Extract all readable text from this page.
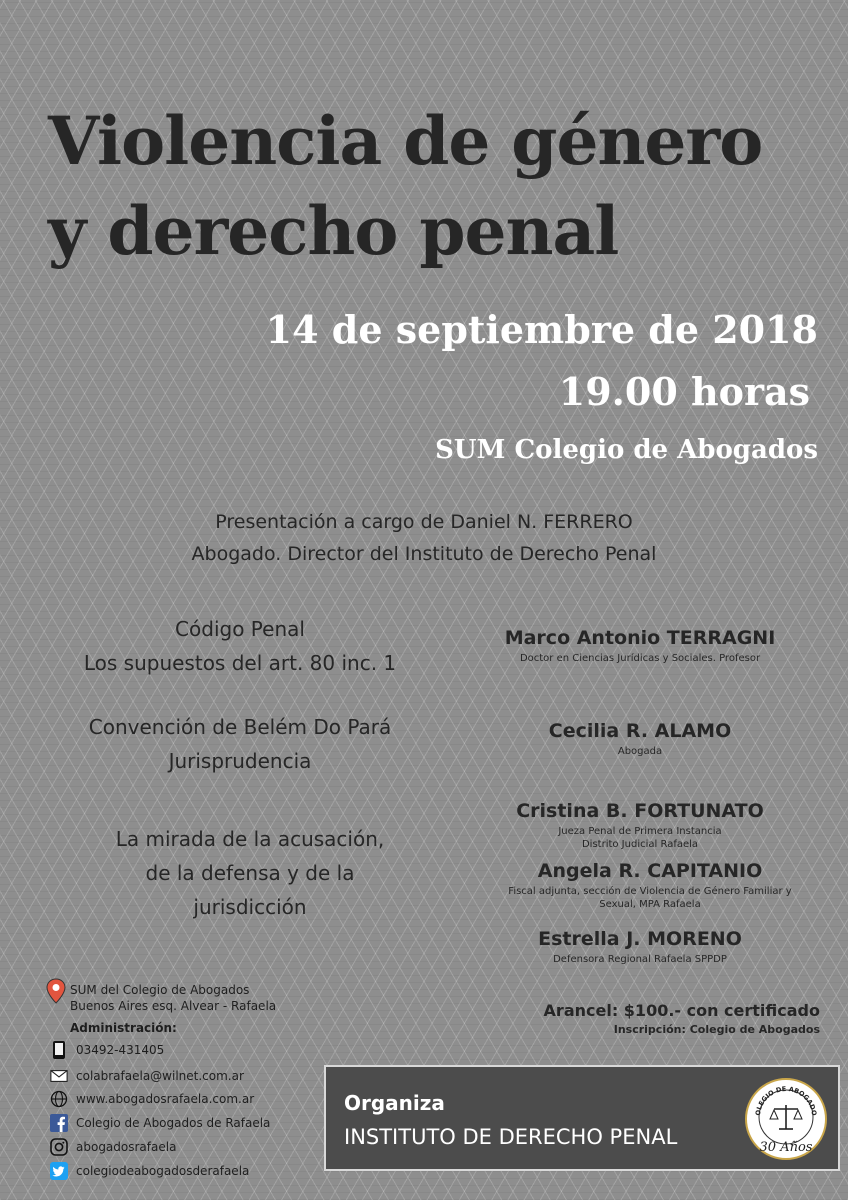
Violencia de género
y derecho penal
14 de septiembre de 2018
19.00 horas
SUM Colegio de Abogados
Presentación a cargo de Daniel N. FERRERO
Abogado. Director del Instituto de Derecho Penal
Código Penal
Los supuestos del art. 80 inc. 1
Convención de Belém Do Pará
Jurisprudencia
La mirada de la acusación,
de la defensa y de la
jurisdicción
Marco Antonio TERRAGNI
Doctor en Ciencias Jurídicas y Sociales. Profesor
Cecilia R. ALAMO
Abogada
Cristina B. FORTUNATO
Jueza Penal de Primera Instancia
Distrito Judicial Rafaela
Angela R. CAPITANIO
Fiscal adjunta, sección de Violencia de Género Familiar y
Sexual, MPA Rafaela
Estrella J. MORENO
Defensora Regional Rafaela SPPDP
SUM del Colegio de Abogados
Buenos Aires esq. Alvear - Rafaela
Administración:
03492-431405
colabrafaela@wilnet.com.ar
www.abogadosrafaela.com.ar
Colegio de Abogados de Rafaela
abogadosrafaela
colegiodeabogadosderafaela
Arancel: $100.- con certificado
Inscripción: Colegio de Abogados
Organiza
INSTITUTO DE DERECHO PENAL
OLEGIO DE ABOGADO
30 Años
